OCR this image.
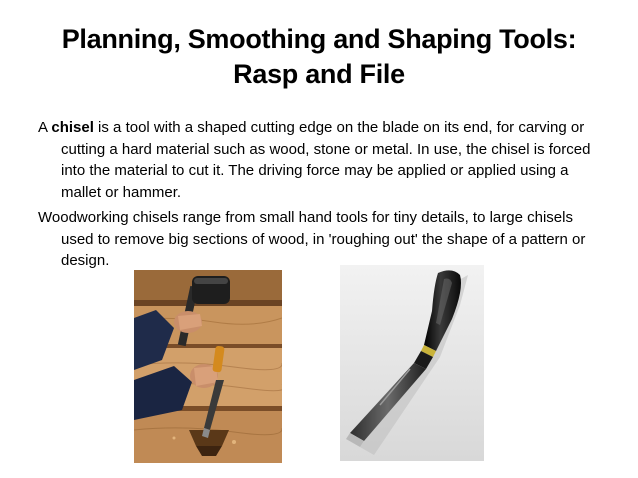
Planning, Smoothing and Shaping Tools:
Rasp and File

A chisel is a tool with a shaped cutting edge on the blade on its end, for carving or cutting a hard material such as wood, stone or metal. In use, the chisel is forced into the material to cut it. The driving force may be applied or applied using a mallet or hammer.

Woodworking chisels range from small hand tools for tiny details, to large chisels used to remove big sections of wood, in 'roughing out' the shape of a pattern or design.
